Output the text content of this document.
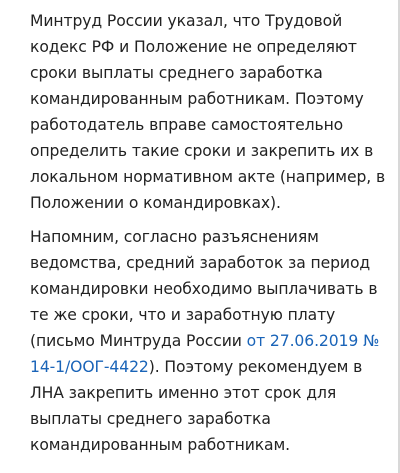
Минтруд России указал, что Трудовой
кодекс РФ и Положение не определяют
сроки выплаты среднего заработка
командированным работникам. Поэтому
работодатель вправе самостоятельно
определить такие сроки и закрепить их в
локальном нормативном акте (например, в
Положении о командировках).

Напомним, согласно разъяснениям
ведомства, средний заработок за период
командировки необходимо выплачивать в
те же сроки, что и заработную плату
(письмо Минтруда России от 27.06.2019 №
14-1/ООГ-4422). Поэтому рекомендуем в
ЛНА закрепить именно этот срок для
выплаты среднего заработка
командированным работникам.
